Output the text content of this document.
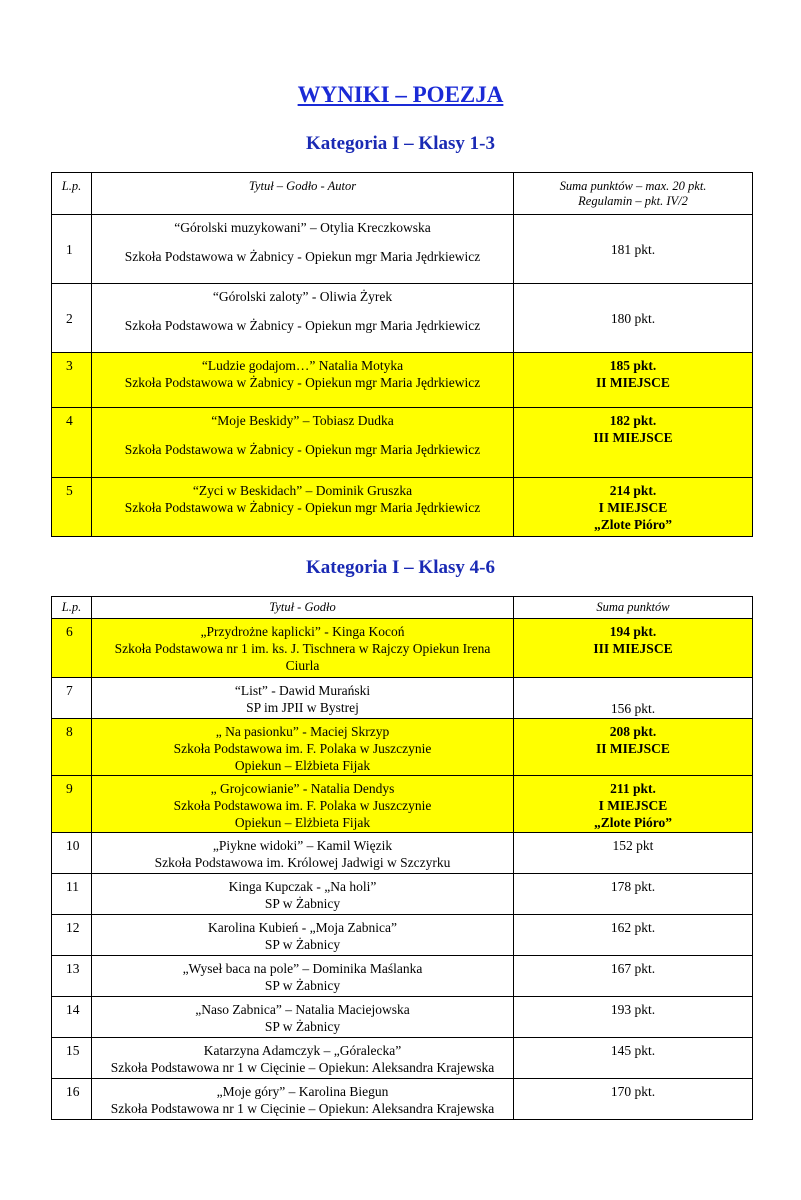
WYNIKI – POEZJA
Kategoria I – Klasy 1-3
L.p.	Tytuł – Godło - Autor	Suma punktów – max. 20 pkt.
Regulamin – pkt. IV/2

1	“Górolski muzykowani” – Otylia Kreczkowska
Szkoła Podstawowa w Żabnicy - Opiekun mgr Maria Jędrkiewicz	181 pkt.
2	“Górolski zaloty” - Oliwia Żyrek
Szkoła Podstawowa w Żabnicy - Opiekun mgr Maria Jędrkiewicz	180 pkt.
3	“Ludzie godajom…” Natalia Motyka
Szkoła Podstawowa w Żabnicy - Opiekun mgr Maria Jędrkiewicz	185 pkt.
II MIEJSCE

4	“Moje Beskidy” – Tobiasz Dudka
Szkoła Podstawowa w Żabnicy - Opiekun mgr Maria Jędrkiewicz	182 pkt.
III MIEJSCE

5	“Zyci w Beskidach” – Dominik Gruszka
Szkoła Podstawowa w Żabnicy - Opiekun mgr Maria Jędrkiewicz	214 pkt.
I MIEJSCE
„Zlote Pióro”
Kategoria I – Klasy 4-6
L.p.	Tytuł - Godło	Suma punktów
6	„Przydrożne kaplicki” - Kinga Kocoń
Szkoła Podstawowa nr 1 im. ks. J. Tischnera w Rajczy Opiekun Irena
Ciurla	194 pkt.
III MIEJSCE

7	“List” - Dawid Murański
SP im JPII w Bystrej	156 pkt.
8	„ Na pasionku” - Maciej Skrzyp
Szkoła Podstawowa im. F. Polaka w Juszczynie
Opiekun – Elżbieta Fijak	208 pkt.
II MIEJSCE

9	„ Grojcowianie” - Natalia Dendys
Szkoła Podstawowa im. F. Polaka w Juszczynie
Opiekun – Elżbieta Fijak	211 pkt.
I MIEJSCE
„Zlote Pióro”

10	„Piykne widoki” – Kamil Więzik
Szkoła Podstawowa im. Królowej Jadwigi w Szczyrku	152 pkt
11	Kinga Kupczak - „Na holi”
SP w Żabnicy	178 pkt.
12	Karolina Kubień - „Moja Zabnica”
SP w Żabnicy	162 pkt.
13	„Wyseł baca na pole” – Dominika Maślanka
SP w Żabnicy	167 pkt.
14	„Naso Zabnica” – Natalia Maciejowska
SP w Żabnicy	193 pkt.
15	Katarzyna Adamczyk – „Góralecka”
Szkoła Podstawowa nr 1 w Cięcinie – Opiekun: Aleksandra Krajewska	145 pkt.
16	„Moje góry” – Karolina Biegun
Szkoła Podstawowa nr 1 w Cięcinie – Opiekun: Aleksandra Krajewska	170 pkt.
